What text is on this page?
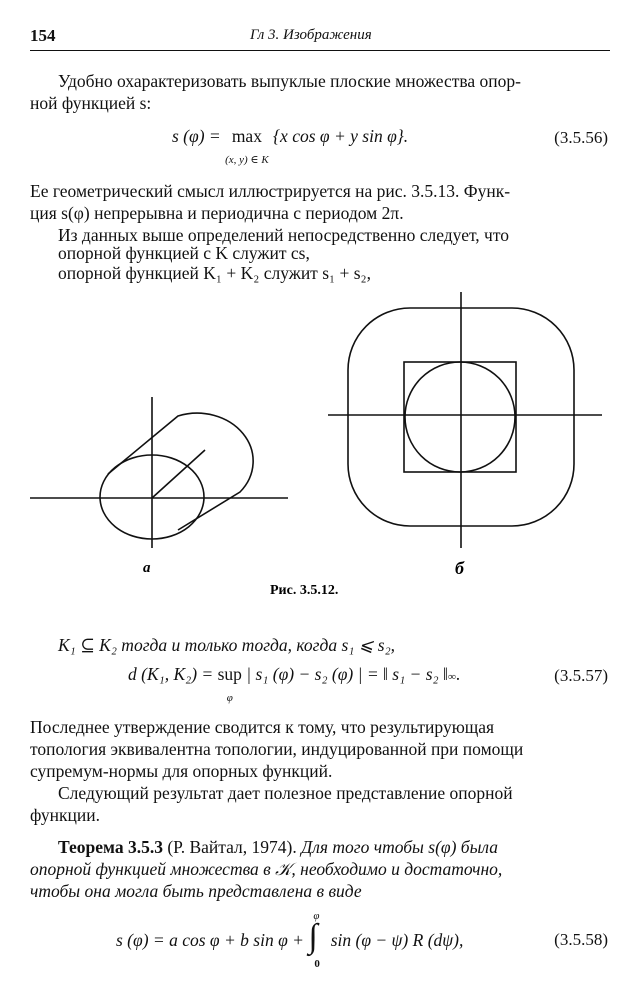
154	Гл 3. Изображения

Удобно охарактеризовать выпуклые плоские множества опор-

ной функцией s:

s (φ) = max
(x, y) ∈ K {x cos φ + y sin φ}.	(3.5.56)

Ее геометрический смысл иллюстрируется на рис. 3.5.13. Функ-

ция s(φ) непрерывна и периодична с периодом 2π.

Из данных выше определений непосредственно следует, что

опорной функцией с K служит cs,

опорной функцией K₁ + K₂ служит s₁ + s₂,

а	б
Рис. 3.5.12.

K₁ ⊆ K₂ тогда и только тогда, когда s₁ ⩽ s₂,

d (K₁, K₂) = sup
φ | s₁ (φ) − s₂ (φ) | = ‖ s₁ − s₂ ‖∞.	(3.5.57)

Последнее утверждение сводится к тому, что результирующая

топология эквивалентна топологии, индуцированной при помощи

супремум-нормы для опорных функций.

Следующий результат дает полезное представление опорной

функции.

Теорема 3.5.3 (Р. Вайтал, 1974). Для того чтобы s(φ) была

опорной функцией множества в 𝒦, необходимо и достаточно,

чтобы она могла быть представлена в виде

s (φ) = a cos φ + b sin φ +
φ
∫
0
sin (φ − ψ) R (dψ),	(3.5.58)
